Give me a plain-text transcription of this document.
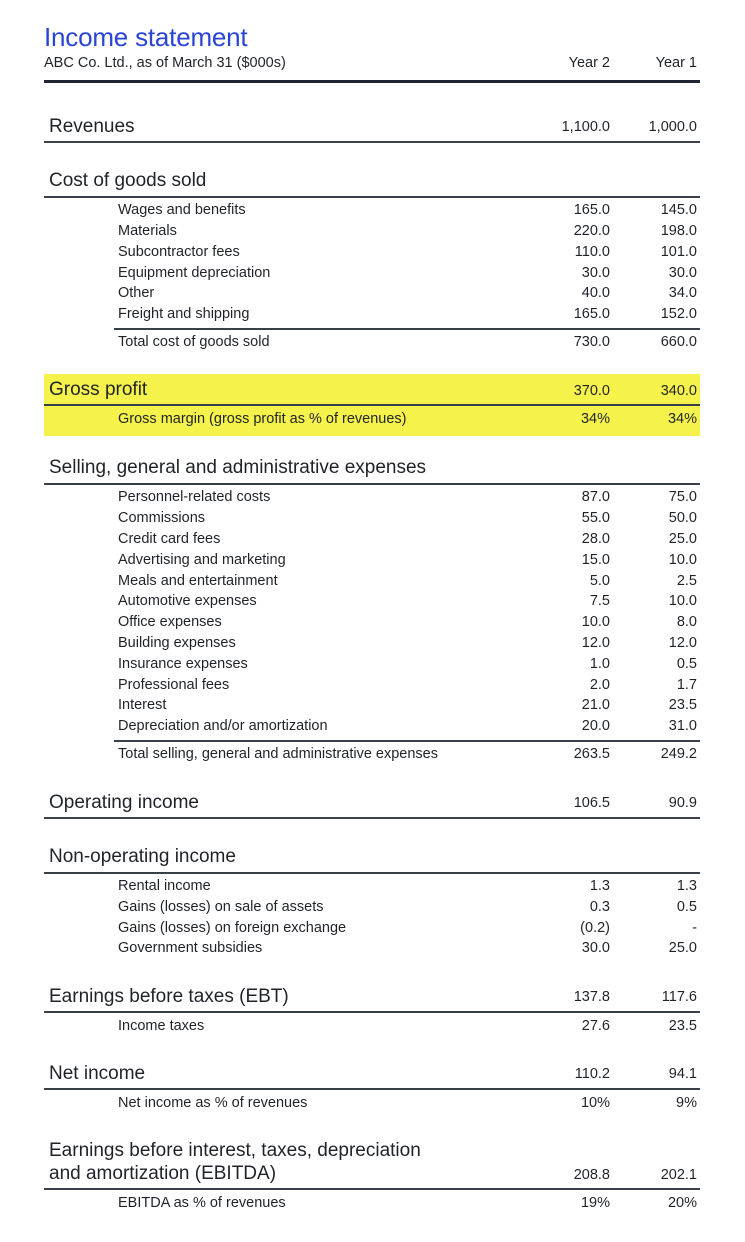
Income statement
ABC Co. Ltd., as of March 31 ($000s)	Year 2	Year 1
Revenues	1,100.0	1,000.0
Cost of goods sold
Wages and benefits	165.0	145.0
Materials	220.0	198.0
Subcontractor fees	110.0	101.0
Equipment depreciation	30.0	30.0
Other	40.0	34.0
Freight and shipping	165.0	152.0
Total cost of goods sold	730.0	660.0
Gross profit	370.0	340.0
Gross margin (gross profit as % of revenues)	34%	34%
Selling, general and administrative expenses
Personnel-related costs	87.0	75.0
Commissions	55.0	50.0
Credit card fees	28.0	25.0
Advertising and marketing	15.0	10.0
Meals and entertainment	5.0	2.5
Automotive expenses	7.5	10.0
Office expenses	10.0	8.0
Building expenses	12.0	12.0
Insurance expenses	1.0	0.5
Professional fees	2.0	1.7
Interest	21.0	23.5
Depreciation and/or amortization	20.0	31.0
Total selling, general and administrative expenses	263.5	249.2
Operating income	106.5	90.9
Non-operating income
Rental income	1.3	1.3
Gains (losses) on sale of assets	0.3	0.5
Gains (losses) on foreign exchange	(0.2)	-
Government subsidies	30.0	25.0
Earnings before taxes (EBT)	137.8	117.6
Income taxes	27.6	23.5
Net income	110.2	94.1
Net income as % of revenues	10%	9%
Earnings before interest, taxes, depreciation
and amortization (EBITDA)	208.8	202.1
EBITDA as % of revenues	19%	20%
